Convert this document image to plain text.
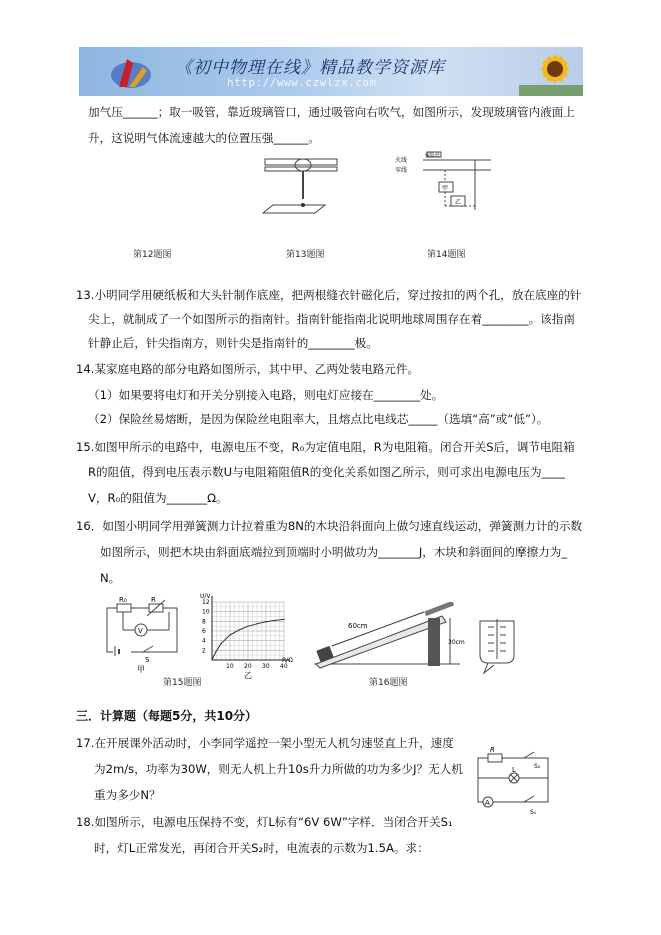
《初中物理在线》精品教学资源库
http://www.czwlzx.com
加气压______；取一吸管，靠近玻璃管口，通过吸管向右吹气，如图所示，发现玻璃管内液面上
升，这说明气体流速越大的位置压强______。
火线
零线
保险丝
甲
乙
第12题图	第13题图	第14题图
13.小明同学用硬纸板和大头针制作底座，把两根缝衣针磁化后，穿过按扣的两个孔，放在底座的针
尖上，就制成了一个如图所示的指南针。指南针能指南北说明地球周围存在着________。该指南
针静止后，针尖指南方，则针尖是指南针的________极。
14.某家庭电路的部分电路如图所示，其中甲、乙两处装电路元件。
（1）如果要将电灯和开关分别接入电路，则电灯应接在________处。
（2）保险丝易熔断，是因为保险丝电阻率大，且熔点比电线芯_____（选填“高”或“低”）。
15.如图甲所示的电路中，电源电压不变，R₀为定值电阻，R为电阻箱。闭合开关S后，调节电阻箱
R的阻值，得到电压表示数U与电阻箱阻值R的变化关系如图乙所示，则可求出电源电压为____
V，R₀的阻值为_______Ω。
16．如图小明同学用弹簧测力计拉着重为8N的木块沿斜面向上做匀速直线运动，弹簧测力计的示数
如图所示，则把木块由斜面底端拉到顶端时小明做功为_______J，木块和斜面间的摩擦力为_
N。
R₀	R
V
S
甲	10 20 30 40
2
4
6
8
10
12
U/V
R/Ω
乙
60cm
30cm
第15题图	第16题图
三．计算题（每题5分，共10分）
17.在开展课外活动时，小李同学遥控一架小型无人机匀速竖直上升，速度
为2m/s，功率为30W，则无人机上升10s升力所做的功为多少J？无人机
重为多少N？
18.如图所示，电源电压保持不变，灯L标有“6V 6W”字样．当闭合开关S₁
时，灯L正常发光，再闭合开关S₂时，电流表的示数为1.5A。求：
R
L	S₂
A
S₁
